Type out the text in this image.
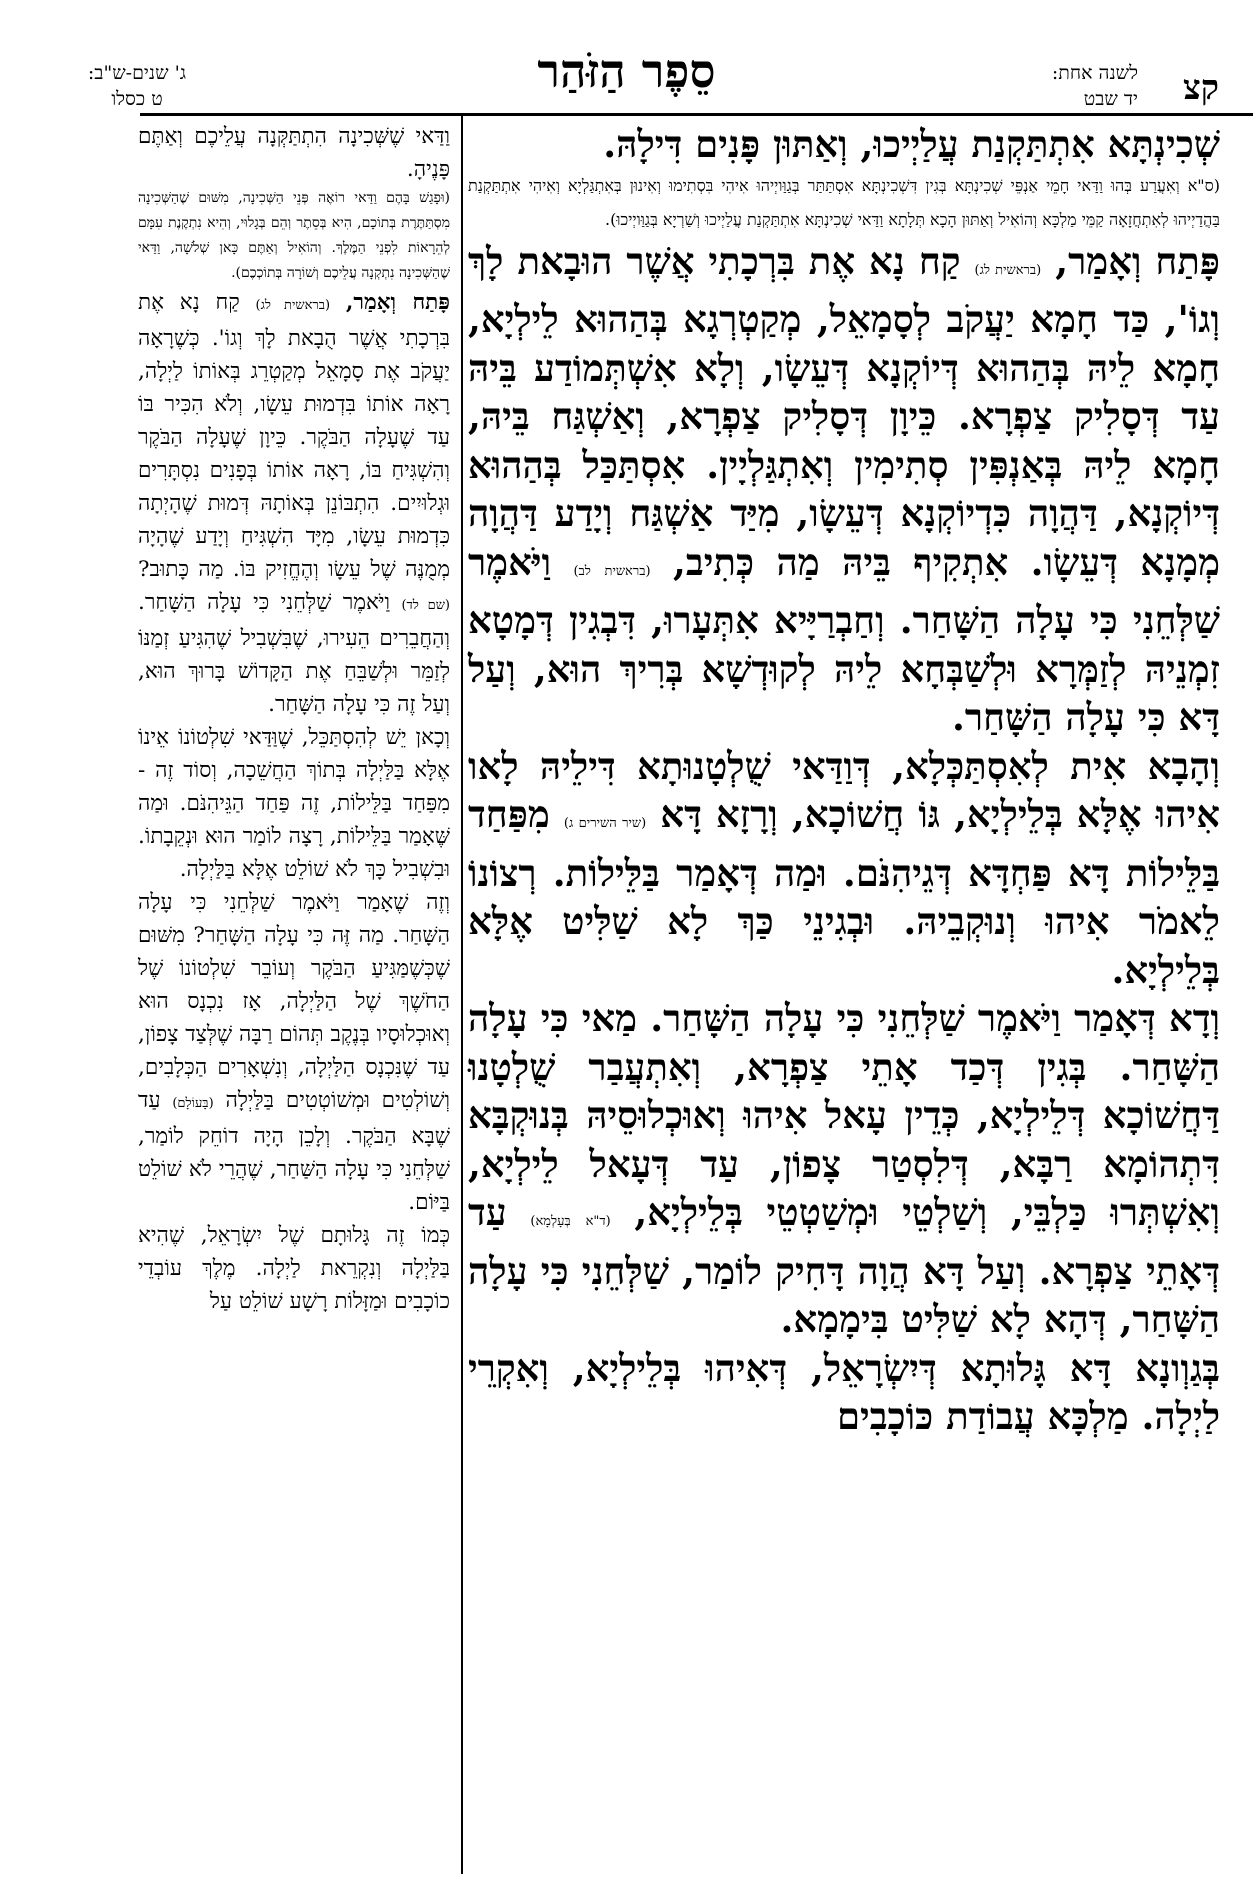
קצ
לשנה אחת:
יד שבט
סֵפֶר הַזֹּהַר
ג' שנים-ש"ב:
ט כסלו

שְׁכִינְתָּא אִתְתַּקְנַת עֲלַיְיכוּ, וְאַתּוּן פָּנִים דִּילָהּ.

(ס"א וְאִעֲרַע בְּהוּ וַדַּאי חָמֵי אַנְפֵּי שְׁכִינְתָּא בְּגִין דִּשְׁכִינְתָּא אִסְתַּתַּר בְּגַוַּויְיהוּ אִיהִי בִּסְתִימוּ וְאִינוּן בְּאִתְגַּלְיָא וְאִיהִי אִתְתַּקְנַת בַּהֲדַיְיהוּ לְאִתְחֲזָאָה קַמֵּי מַלְכָּא וְהוֹאִיל וְאַתּוּן הָכָא תְּלָתָא וַדַּאי שְׁכִינְתָּא אִתְתַּקְנַת עֲלַיְיכוּ וְשַׁרְיָא בְּגַוַּויְיכוּ).

פָּתַח וְאָמַר, (בראשית לג) קַח נָא אֶת בִּרְכָתִי אֲשֶׁר הוּבָאת לָךְ וְגוֹ', כַּד חָמָא יַעֲקֹב לְסָמָאֵל, מְקַטְרְגָא בְּהַהוּא לֵילְיָא, חָמָא לֵיהּ בְּהַהוּא דְּיוֹקְנָא דְּעֵשָׂו, וְלָא אִשְׁתְּמוֹדַע בֵּיהּ עַד דְּסָלִיק צַפְרָא. כֵּיוָן דְּסָלִיק צַפְרָא, וְאַשְׁגַּח בֵּיהּ, חָמָא לֵיהּ בְּאַנְפִּין סְתִימִין וְאִתְגַּלְיָין. אִסְתַּכַּל בְּהַהוּא דְּיוֹקְנָא, דַּהֲוָה כִּדְיוֹקְנָא דְּעֵשָׂו, מִיַּד אַשְׁגַּח וְיָדַע דַּהֲוָה מְמָנָא דְּעֵשָׂו. אִתְקִיף בֵּיהּ מַה כְּתִיב, (בראשית לב) וַיֹּאמֶר שַׁלְּחֵנִי כִּי עָלָה הַשָּׁחַר. וְחַבְרַיָּיא אִתְּעָרוּ, דִּבְגִין דְּמָטָא זִמְנֵיהּ לְזַמְּרָא וּלְשַׁבְּחָא לֵיהּ לְקוּדְשָׁא בְּרִיךְ הוּא, וְעַל דָּא כִּי עָלָה הַשָּׁחַר.

וְהָבָא אִית לְאִסְתַּכְּלָא, דְּוַדַּאי שֻׁלְטָנוּתָא דִּילֵיהּ לָאו אִיהוּ אֶלָּא בְּלֵילְיָא, גּוֹ חֲשׁוֹכָא, וְרָזָא דָּא (שיר השירים ג) מִפַּחַד בַּלֵּילוֹת דָּא פַּחְדָּא דְּגֵיהִנֹּם. וּמַה דְּאָמַר בַּלֵּילוֹת. רְצוֹנוֹ לֵאמֹר אִיהוּ וְנוּקְבֵיהּ. וּבְגִינֵי כַּךְ לָא שַׁלִּיט אֶלָּא בְּלֵילְיָא.

וְדָא דְּאָמַר וַיֹּאמֶר שַׁלְּחֵנִי כִּי עָלָה הַשָּׁחַר. מַאי כִּי עָלָה הַשָּׁחַר. בְּגִין דְּכַד אָתֵי צַפְרָא, וְאִתְעֲבַר שֻׁלְטָנוּ דַּחֲשׁוֹכָא דְּלֵילְיָא, כְּדֵין עָאל אִיהוּ וְאוּכְלוּסֵיהּ בְּנוּקְבָּא דִּתְהוֹמָא רַבָּא, דְּלִסְטַר צָפוֹן, עַד דְּעָאל לֵילְיָא, וְאִשְׁתְּרוּ כַּלְבֵּי, וְשַׁלְטֵי וּמְשַׁטְטֵי בְּלֵילְיָא, (ד"א בְּעָלְמָא) עַד דְּאָתֵי צַפְרָא. וְעַל דָּא הֲוָה דָּחִיק לוֹמַר, שַׁלְּחֵנִי כִּי עָלָה הַשָּׁחַר, דְּהָא לָא שַׁלִּיט בִּימָמָא.

בְּגַוְונָא דָּא גָּלוּתָא דְּיִשְׂרָאֵל, דְּאִיהוּ בְּלֵילְיָא, וְאִקְרֵי לַיְלָה. מַלְכָּא עֲבוֹדַת כּוֹכָבִים

וַדַּאי שֶׁשְּׁכִינָה הִתְתַּקְּנָה עֲלֵיכֶם וְאַתֶּם פָּנֶיהָ.

(וּפָגַשׁ בָּהֶם וַדַּאי רוֹאֶה פְּנֵי הַשְּׁכִינָה, מִשּׁוּם שֶׁהַשְּׁכִינָה מִסְתַּתֶּרֶת בְּתוֹכָם, הִיא בְּסֵתֶר וְהֵם בְּגָלוּי, וְהִיא נִתְקֶנֶת עִמָּם לְהֵרָאוֹת לִפְנֵי הַמֶּלֶךְ. וְהוֹאִיל וְאַתֶּם כָּאן שְׁלֹשָׁה, וַדַּאי שֶׁהַשְּׁכִינָה נִתְקְנָה עֲלֵיכֶם וְשׁוֹרָה בְּתוֹכְכֶם).

פָּתַח וְאָמַר, (בראשית לג) קַח נָא אֶת בִּרְכָתִי אֲשֶׁר הֻבָאת לָךְ וְגוֹ'. כְּשֶׁרָאָה יַעֲקֹב אֶת סָמָאֵל מְקַטְרֵג בְּאוֹתוֹ לַיְלָה, רָאָה אוֹתוֹ בִּדְמוּת עֵשָׂו, וְלֹא הִכִּיר בּוֹ עַד שֶׁעָלָה הַבֹּקֶר. כֵּיוָן שֶׁעָלָה הַבֹּקֶר וְהִשְׁגִּיחַ בּוֹ, רָאָה אוֹתוֹ בְּפָנִים נִסְתָּרִים וּגְלוּיִים. הִתְבּוֹנֵן בְּאוֹתָהּ דְּמוּת שֶׁהָיְתָה כִּדְמוּת עֵשָׂו, מִיָּד הִשְׁגִּיחַ וְיָדַע שֶׁהָיָה מְמֻנֶּה שֶׁל עֵשָׂו וְהֶחֱזִיק בּוֹ. מַה כָּתוּב? (שם לד) וַיֹּאמֶר שַׁלְּחֵנִי כִּי עָלָה הַשָּׁחַר. וְהַחֲבֵרִים הֵעִירוּ, שֶׁבִּשְׁבִיל שֶׁהִגִּיעַ זְמַנּוֹ לְזַמֵּר וּלְשַׁבֵּחַ אֶת הַקָּדוֹשׁ בָּרוּךְ הוּא, וְעַל זֶה כִּי עָלָה הַשָּׁחַר.

וְכָאן יֵשׁ לְהִסְתַּכֵּל, שֶׁוַּדַּאי שִׁלְטוֹנוֹ אֵינוֹ אֶלָּא בַּלַּיְלָה בְּתוֹךְ הַחֲשֵׁכָה, וְסוֹד זֶה - מִפַּחַד בַּלֵּילוֹת, זֶה פַּחַד הַגֵּיהִנֹּם. וּמַה שֶּׁאָמַר בַּלֵּילוֹת, רָצָה לוֹמַר הוּא וּנְקֵבָתוֹ. וּבִשְׁבִיל כָּךְ לֹא שׁוֹלֵט אֶלָּא בַּלַּיְלָה.

וְזֶה שֶׁאָמַר וַיֹּאמֶר שַׁלְּחֵנִי כִּי עָלָה הַשָּׁחַר. מַה זֶּה כִּי עָלָה הַשָּׁחַר? מִשּׁוּם שֶׁכְּשֶׁמַּגִּיעַ הַבֹּקֶר וְעוֹבֵר שִׁלְטוֹנוֹ שֶׁל הַחֹשֶׁךְ שֶׁל הַלַּיְלָה, אָז נִכְנָס הוּא וְאוּכְלוּסָיו בְּנֶקֶב תְּהוֹם רַבָּה שֶׁלְּצַד צָפוֹן, עַד שֶׁנִּכְנָס הַלַּיְלָה, וְנִשְׁאָרִים הַכְּלָבִים, וְשׁוֹלְטִים וּמְשׁוֹטְטִים בַּלַּיְלָה (בָּעוֹלָם) עַד שֶׁבָּא הַבֹּקֶר. וְלָכֵן הָיָה דוֹחֵק לוֹמַר, שַׁלְּחֵנִי כִּי עָלָה הַשַּׁחַר, שֶׁהֲרֵי לֹא שׁוֹלֵט בַּיּוֹם.

כְּמוֹ זֶה גָּלוּתָם שֶׁל יִשְׂרָאֵל, שֶׁהִיא בַּלַּיְלָה וְנִקְרֵאת לַיְלָה. מֶלֶךְ עוֹבְדֵי כוֹכָבִים וּמַזָּלוֹת רָשָׁע שׁוֹלֵט עַל
